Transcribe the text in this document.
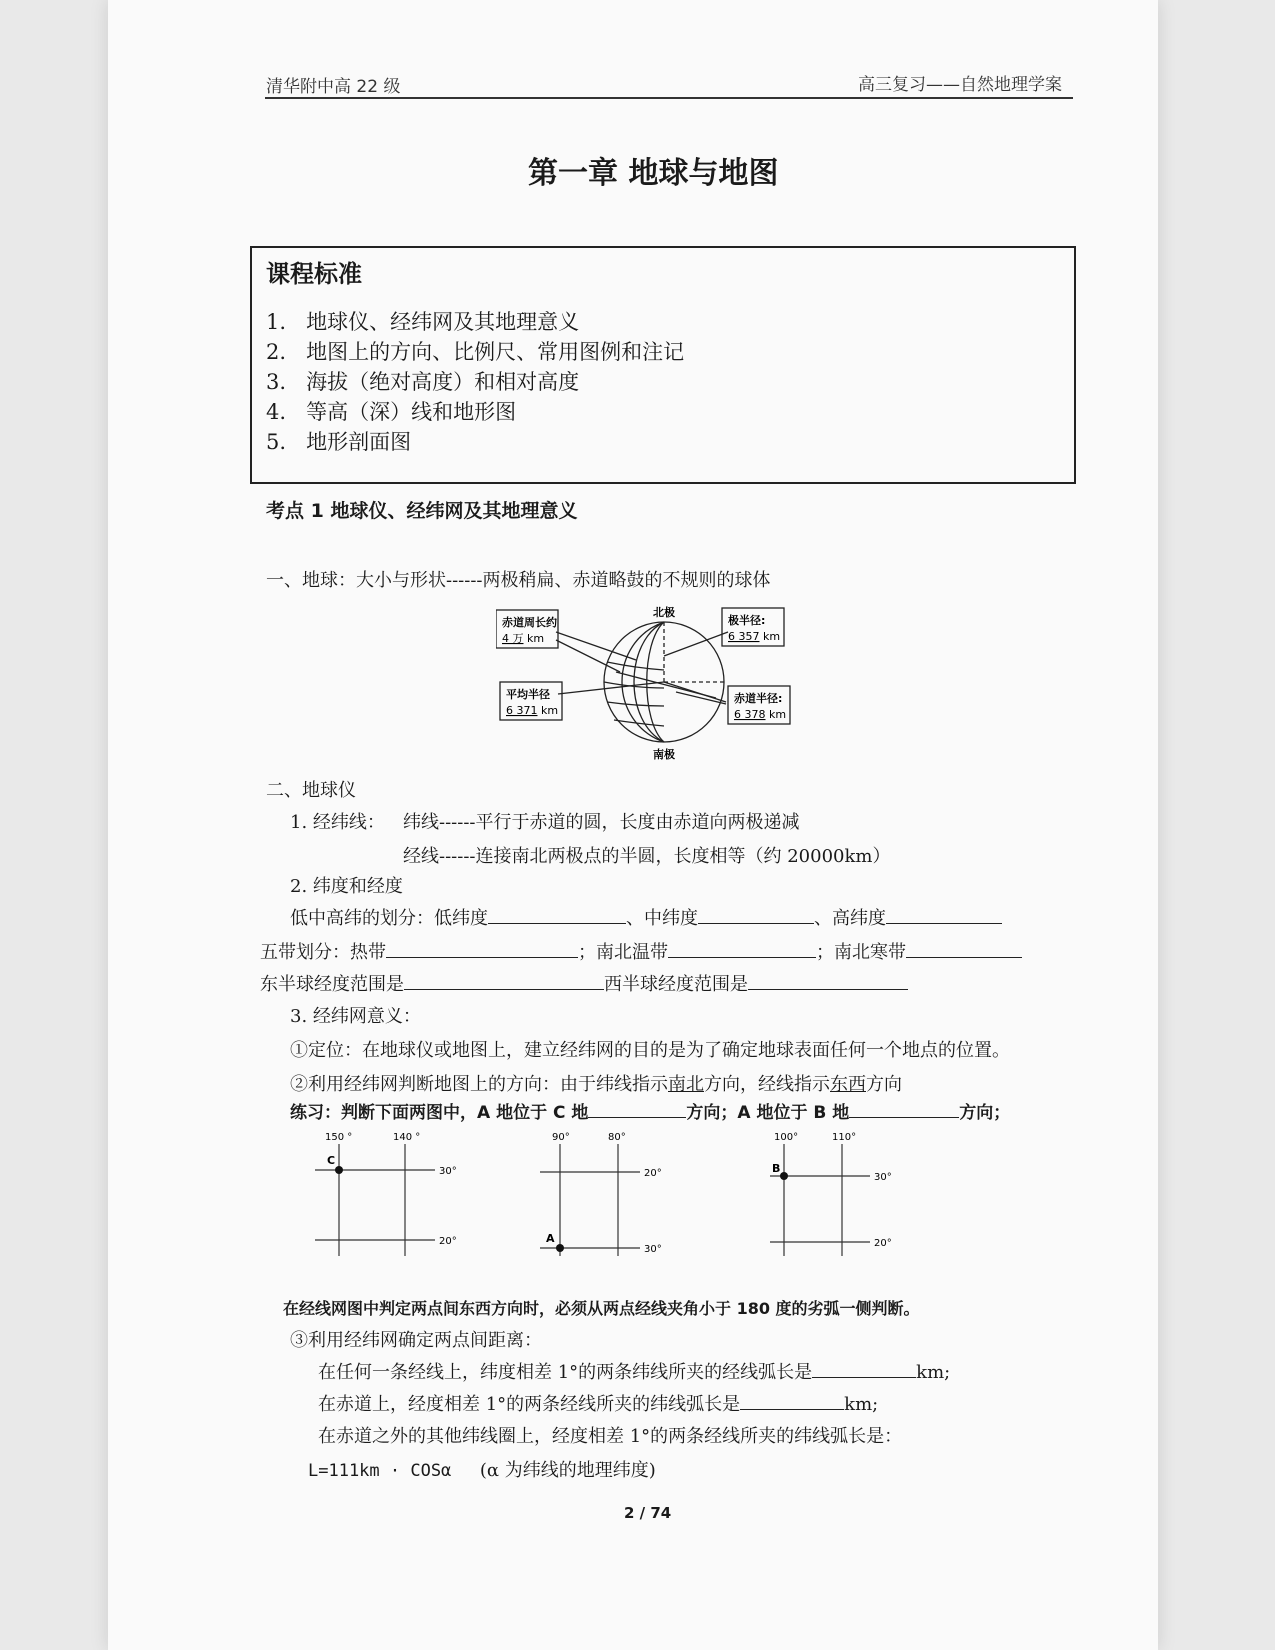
清华附中高 22 级	高三复习——自然地理学案
第一章 地球与地图
课程标准
1. 地球仪、经纬网及其地理意义
2. 地图上的方向、比例尺、常用图例和注记
3. 海拔（绝对高度）和相对高度
4. 等高（深）线和地形图
5. 地形剖面图
考点 1 地球仪、经纬网及其地理意义
一、地球：大小与形状------两极稍扁、赤道略鼓的不规则的球体
北极
南极
赤道周长约
4 万 km
平均半径
6 371 km
极半径:
6 357 km
赤道半径:
6 378 km
二、地球仪
1. 经纬线： 纬线------平行于赤道的圆，长度由赤道向两极递减
经线------连接南北两极点的半圆，长度相等（约 20000km）
2. 纬度和经度
低中高纬的划分：低纬度	、中纬度	、高纬度
五带划分：热带	；南北温带	；南北寒带
东半球经度范围是	西半球经度范围是
3. 经纬网意义：
①定位：在地球仪或地图上，建立经纬网的目的是为了确定地球表面任何一个地点的位置。
②利用经纬网判断地图上的方向：由于纬线指示南北方向，经线指示东西方向
练习：判断下面两图中，A 地位于 C 地	方向；A 地位于 B 地	方向；
150 °	140 °
30°
20°
C
90°	80°
20°
30°
A
100°	110°
30°
20°
B
在经线网图中判定两点间东西方向时，必须从两点经线夹角小于 180 度的劣弧一侧判断。
③利用经纬网确定两点间距离：
在任何一条经线上，纬度相差 1°的两条纬线所夹的经线弧长是	km;
在赤道上，经度相差 1°的两条经线所夹的纬线弧长是	km;
在赤道之外的其他纬线圈上，经度相差 1°的两条经线所夹的纬线弧长是：
L=111km · COSα (α 为纬线的地理纬度)
2 / 74
